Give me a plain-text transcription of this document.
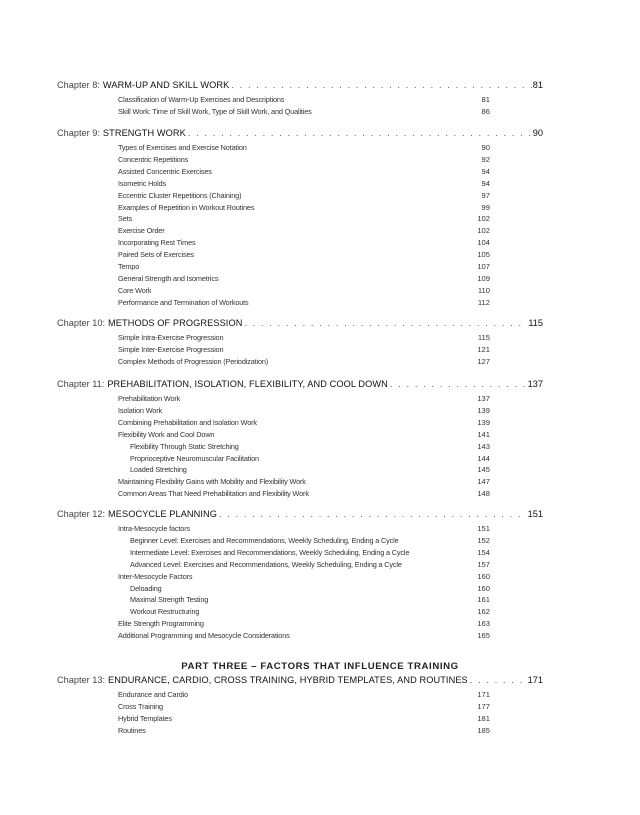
PART THREE – FACTORS THAT INFLUENCE TRAINING
Chapter 8: WARM-UP AND SKILL WORK . . .	81
Classification of Warm-Up Exercises and Descriptions	81
Skill Work: Time of Skill Work, Type of Skill Work, and Qualities	86
Chapter 9: STRENGTH WORK . . .	90
Types of Exercises and Exercise Notation	90
Concentric Repetitions	92
Assisted Concentric Exercises	94
Isometric Holds	94
Eccentric Cluster Repetitions (Chaining)	97
Examples of Repetition in Workout Routines	99
Sets	102
Exercise Order	102
Incorporating Rest Times	104
Paired Sets of Exercises	105
Tempo	107
General Strength and Isometrics	109
Core Work	110
Performance and Termination of Workouts	112
Chapter 10: METHODS OF PROGRESSION . . .	115
Simple Intra-Exercise Progression	115
Simple Inter-Exercise Progression	121
Complex Methods of Progression (Periodization)	127
Chapter 11: PREHABILITATION, ISOLATION, FLEXIBILITY, AND COOL DOWN . . .	137
Prehabilitation Work	137
Isolation Work	139
Combining Prehabilitation and Isolation Work	139
Flexibility Work and Cool Down	141
Flexibility Through Static Stretching	143
Proprioceptive Neuromuscular Facilitation	144
Loaded Stretching	145
Maintaining Flexibility Gains with Mobility and Flexibility Work	147
Common Areas That Need Prehabilitation and Flexibility Work	148
Chapter 12: MESOCYCLE PLANNING . . .	151
Intra-Mesocycle factors	151
Beginner Level: Exercises and Recommendations, Weekly Scheduling, Ending a Cycle	152
Intermediate Level: Exercises and Recommendations, Weekly Scheduling, Ending a Cycle	154
Advanced Level: Exercises and Recommendations, Weekly Scheduling, Ending a Cycle	157
Inter-Mesocycle Factors	160
Deloading	160
Maximal Strength Testing	161
Workout Restructuring	162
Elite Strength Programming	163
Additional Programming and Mesocycle Considerations	165
Chapter 13: ENDURANCE, CARDIO, CROSS TRAINING, HYBRID TEMPLATES, AND ROUTINES . . .	171
Endurance and Cardio	171
Cross Training	177
Hybrid Templates	181
Routines	185
